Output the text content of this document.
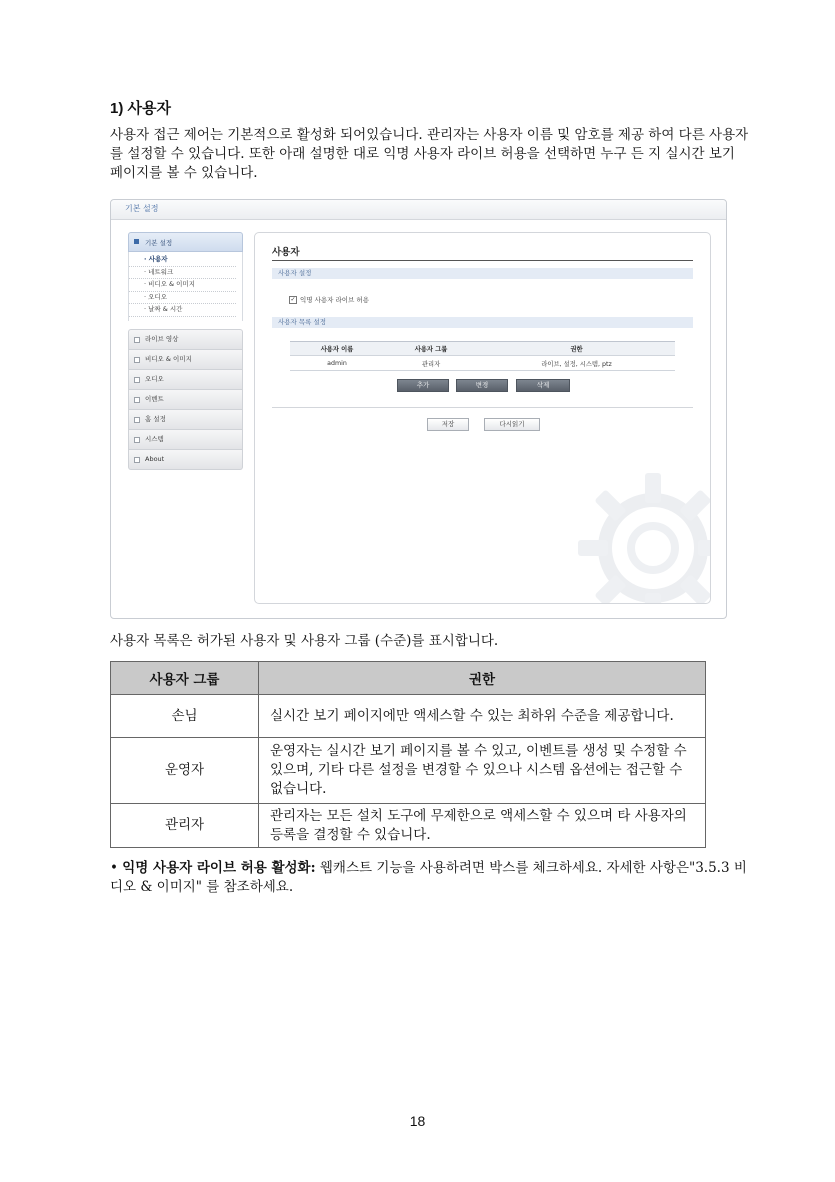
1) 사용자
사용자 접근 제어는 기본적으로 활성화 되어있습니다. 관리자는 사용자 이름 및 암호를 제공 하여 다른 사용자를 설정할 수 있습니다. 또한 아래 설명한 대로 익명 사용자 라이브 허용을 선택하면 누구 든 지 실시간 보기 페이지를 볼 수 있습니다.
기본 설정
기본 설정
· 사용자
· 네트워크
· 비디오 & 이미지
· 오디오
· 날짜 & 시간
라이브 영상
비디오 & 이미지
오디오
이벤트
홈 설정
시스템
About
사용자
사용자 설정
✓ 익명 사용자 라이브 허용
사용자 목록 설정
사용자 이름	사용자 그룹	권한
admin	관리자	라이브, 설정, 시스템, ptz
추가	변경	삭제
저장	다시읽기
사용자 목록은 허가된 사용자 및 사용자 그룹 (수준)를 표시합니다.
사용자 그룹	권한
손님	실시간 보기 페이지에만 액세스할 수 있는 최하위 수준을 제공합니다.
운영자	운영자는 실시간 보기 페이지를 볼 수 있고, 이벤트를 생성 및 수정할 수 있으며, 기타 다른 설정을 변경할 수 있으나 시스템 옵션에는 접근할 수 없습니다.
관리자	관리자는 모든 설치 도구에 무제한으로 액세스할 수 있으며 타 사용자의 등록을 결정할 수 있습니다.
• 익명 사용자 라이브 허용 활성화: 웹캐스트 기능을 사용하려면 박스를 체크하세요. 자세한 사항은"3.5.3 비디오 & 이미지" 를 참조하세요.
18
